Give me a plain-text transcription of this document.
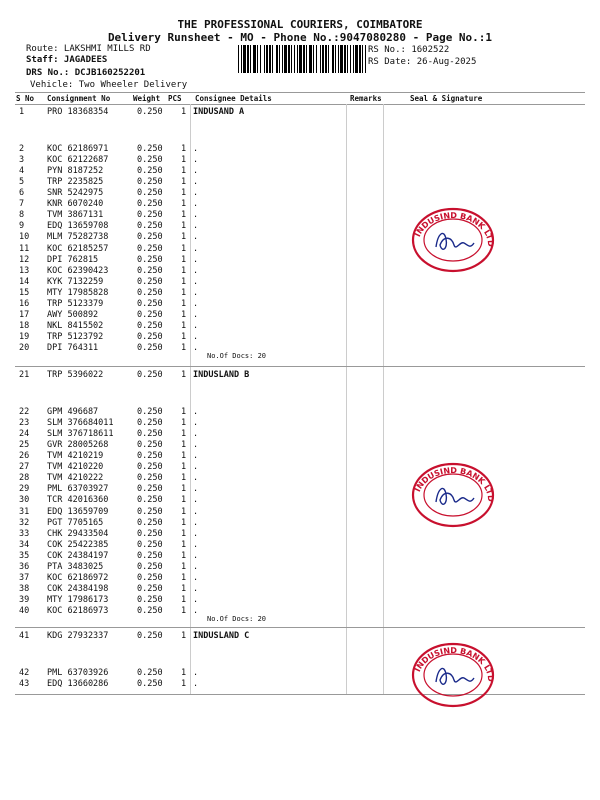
THE PROFESSIONAL COURIERS, COIMBATORE
Delivery Runsheet - MO - Phone No.:9047080280 - Page No.:1
Route: LAKSHMI MILLS RD
Staff: JAGADEES
DRS No.: DCJB160252201
Vehicle: Two Wheeler Delivery
RS No.: 1602522
RS Date: 26-Aug-2025
S No Consignment No	Weight PCS Consignee Details	Remarks	Seal & Signature
1	PRO 18368354	0.250 1 INDUSAND A
2	KOC 62186971	0.250 1 .
3	KOC 62122687	0.250 1 .
4	PYN 8187252	0.250 1 .
5	TRP 2235825	0.250 1 .
6	SNR 5242975	0.250 1 .
7	KNR 6070240	0.250 1 .
8	TVM 3867131	0.250 1 .
9	EDQ 13659708	0.250 1 .
10 MLM 75282738	0.250 1 .
11 KOC 62185257	0.250 1 .
12 DPI 762815	0.250 1 .
13 KOC 62390423	0.250 1 .
14 KYK 7132259	0.250 1 .
15 MTY 17985828	0.250 1 .
16 TRP 5123379	0.250 1 .
17 AWY 500892	0.250 1 .
18 NKL 8415502	0.250 1 .
19 TRP 5123792	0.250 1 .
20 DPI 764311	0.250 1 .
No.Of Docs: 20
INDUSIND BANK LTD
21 TRP 5396022	0.250 1 INDUSLAND B
22 GPM 496687	0.250 1 .
23 SLM 376684011	0.250 1 .
24 SLM 376718611	0.250 1 .
25 GVR 28005268	0.250 1 .
26 TVM 4210219	0.250 1 .
27 TVM 4210220	0.250 1 .
28 TVM 4210222	0.250 1 .
29 PML 63703927	0.250 1 .
30 TCR 42016360	0.250 1 .
31 EDQ 13659709	0.250 1 .
32 PGT 7705165	0.250 1 .
33 CHK 29433504	0.250 1 .
34 COK 25422385	0.250 1 .
35 COK 24384197	0.250 1 .
36 PTA 3483025	0.250 1 .
37 KOC 62186972	0.250 1 .
38 COK 24384198	0.250 1 .
39 MTY 17986173	0.250 1 .
40 KOC 62186973	0.250 1 .
No.Of Docs: 20
INDUSIND BANK LTD
41 KDG 27932337	0.250 1 INDUSLAND C
42 PML 63703926	0.250 1 .
43 EDQ 13660286	0.250 1 .
INDUSIND BANK LTD
